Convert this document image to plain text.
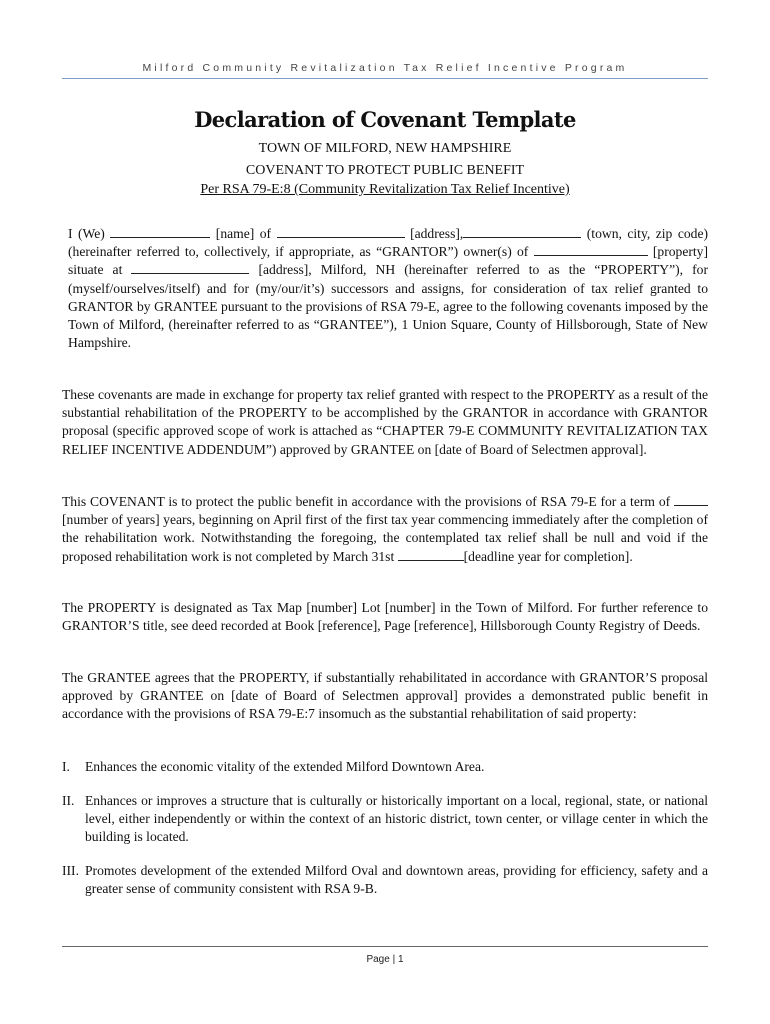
Milford Community Revitalization Tax Relief Incentive Program
Declaration of Covenant Template
TOWN OF MILFORD, NEW HAMPSHIRE
COVENANT TO PROTECT PUBLIC BENEFIT
Per RSA 79-E:8 (Community Revitalization Tax Relief Incentive)

I (We)	[name] of	[address],	(town, city, zip code) (hereinafter referred to, collectively, if appropriate, as “GRANTOR”) owner(s) of	[property] situate at	[address], Milford, NH (hereinafter referred to as the “PROPERTY”), for (myself/ourselves/itself) and for (my/our/it’s) successors and assigns, for consideration of tax relief granted to GRANTOR by GRANTEE pursuant to the provisions of RSA 79-E, agree to the following covenants imposed by the Town of Milford, (hereinafter referred to as “GRANTEE”), 1 Union Square, County of Hillsborough, State of New Hampshire.

These covenants are made in exchange for property tax relief granted with respect to the PROPERTY as a result of the substantial rehabilitation of the PROPERTY to be accomplished by the GRANTOR in accordance with GRANTOR proposal (specific approved scope of work is attached as “CHAPTER 79-E COMMUNITY REVITALIZATION TAX RELIEF INCENTIVE ADDENDUM”) approved by GRANTEE on [date of Board of Selectmen approval].

This COVENANT is to protect the public benefit in accordance with the provisions of RSA 79-E for a term of  [number of years] years, beginning on April first of the first tax year commencing immediately after the completion of the rehabilitation work. Notwithstanding the foregoing, the contemplated tax relief shall be null and void if the proposed rehabilitation work is not completed by March 31st	[deadline year for completion].

The PROPERTY is designated as Tax Map [number] Lot [number] in the Town of Milford. For further reference to GRANTOR’S title, see deed recorded at Book [reference], Page [reference], Hillsborough County Registry of Deeds.

The GRANTEE agrees that the PROPERTY, if substantially rehabilitated in accordance with GRANTOR’S proposal approved by GRANTEE on [date of Board of Selectmen approval] provides a demonstrated public benefit in accordance with the provisions of RSA 79-E:7 insomuch as the substantial rehabilitation of said property:

I. Enhances the economic vitality of the extended Milford Downtown Area.
II. Enhances or improves a structure that is culturally or historically important on a local, regional, state, or national level, either independently or within the context of an historic district, town center, or village center in which the building is located.
III. Promotes development of the extended Milford Oval and downtown areas, providing for efficiency, safety and a greater sense of community consistent with RSA 9-B.
Page | 1
